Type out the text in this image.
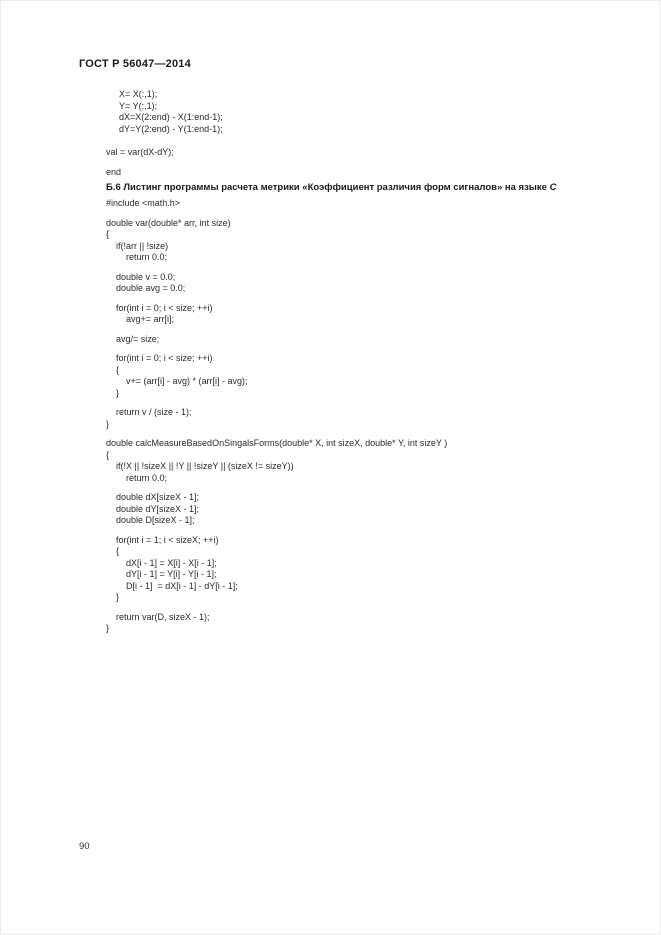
ГОСТ Р 56047—2014
X= X(:,1);
Y= Y(:,1);
dX=X(2:end) - X(1:end-1);
dY=Y(2:end) - Y(1:end-1);
val = var(dX-dY);
end
Б.6 Листинг программы расчета метрики «Коэффициент различия форм сигналов» на языке С
#include <math.h>
double var(double* arr, int size)
{
if(!arr || !size)
return 0.0;
double v = 0.0;
double avg = 0.0;
for(int i = 0; i < size; ++i)
avg+= arr[i];
avg/= size;
for(int i = 0; i < size; ++i)
{
v+= (arr[i] - avg) * (arr[i] - avg);
}
return v / (size - 1);
}
double calcMeasureBasedOnSingalsForms(double* X, int sizeX, double* Y, int sizeY )
{
if(!X || !sizeX || !Y || !sizeY || (sizeX != sizeY))
return 0.0;
double dX[sizeX - 1];
double dY[sizeX - 1];
double D[sizeX - 1];
for(int i = 1; i < sizeX; ++i)
{
dX[i - 1] = X[i] - X[i - 1];
dY[i - 1] = Y[i] - Y[i - 1];
D[i - 1]  = dX[i - 1] - dY[i - 1];
}
return var(D, sizeX - 1);
}
90
